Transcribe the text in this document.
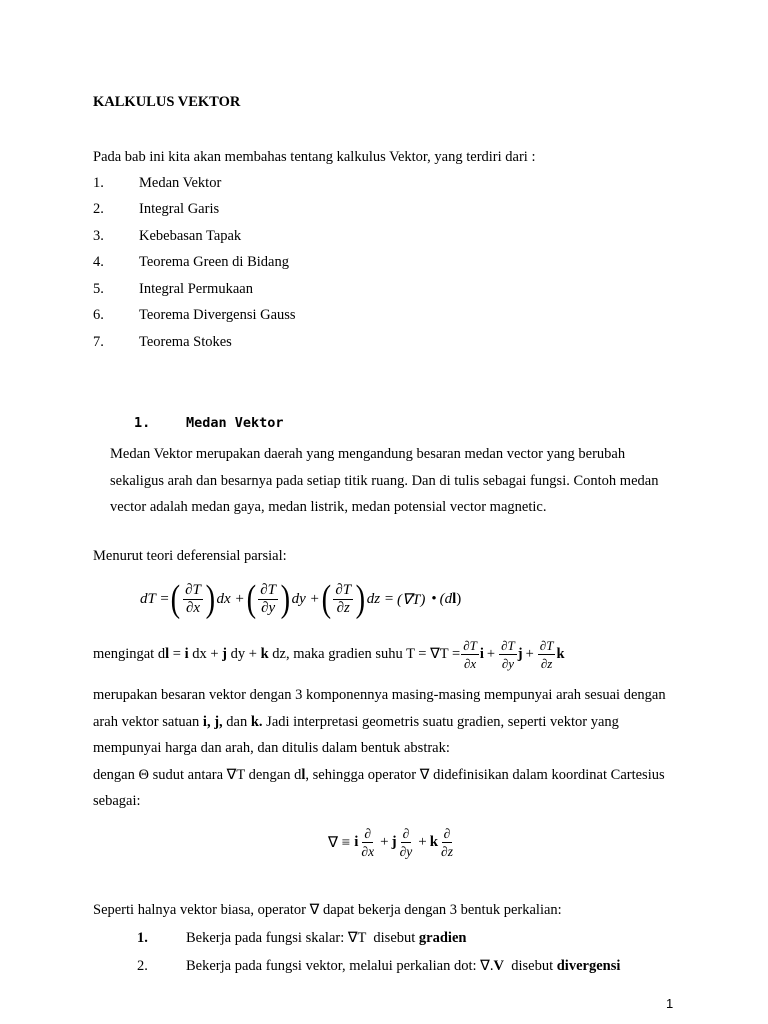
KALKULUS VEKTOR
Pada bab ini kita akan membahas tentang kalkulus Vektor, yang terdiri dari :
1. Medan Vektor
2. Integral Garis
3. Kebebasan Tapak
4. Teorema Green di Bidang
5. Integral Permukaan
6. Teorema Divergensi Gauss
7. Teorema Stokes
1.	Medan Vektor
Medan Vektor merupakan daerah yang mengandung besaran medan vector yang berubah sekaligus arah dan besarnya pada setiap titik ruang. Dan di tulis sebagai fungsi. Contoh medan vector adalah medan gaya, medan listrik, medan potensial vector magnetic.
Menurut teori deferensial parsial:
dT = ( $\frac{\partial T}{\partial x}$ ) dx + ( $\frac{\partial T}{\partial y}$ ) dy + ( $\frac{\partial T}{\partial z}$ ) dz = (∇T) • (d l )
mengingat d l = i dx + j dy + k dz, maka gradien suhu $T = \nabla T = \frac{\partial T}{\partial x}$ $i + \frac{\partial T}{\partial y}$ $j + \frac{\partial T}{\partial z}$ k
merupakan besaran vektor dengan 3 komponennya masing-masing mempunyai arah sesuai dengan arah vektor satuan i, j, dan k. Jadi interpretasi geometris suatu gradien, seperti vektor yang mempunyai harga dan arah, dan ditulis dalam bentuk abstrak:
dengan Θ sudut antara ∇T dengan dl, sehingga operator ∇ didefinisikan dalam koordinat Cartesius sebagai:
∇ ≡ i $\frac{\partial}{\partial x} + j \frac{\partial}{\partial y} + k \frac{\partial}{\partial z}$
Seperti halnya vektor biasa, operator ∇ dapat bekerja dengan 3 bentuk perkalian:
1.	Bekerja pada fungsi skalar: ∇T  disebut gradien
2.	Bekerja pada fungsi vektor, melalui perkalian dot: ∇.V  disebut divergensi
1
